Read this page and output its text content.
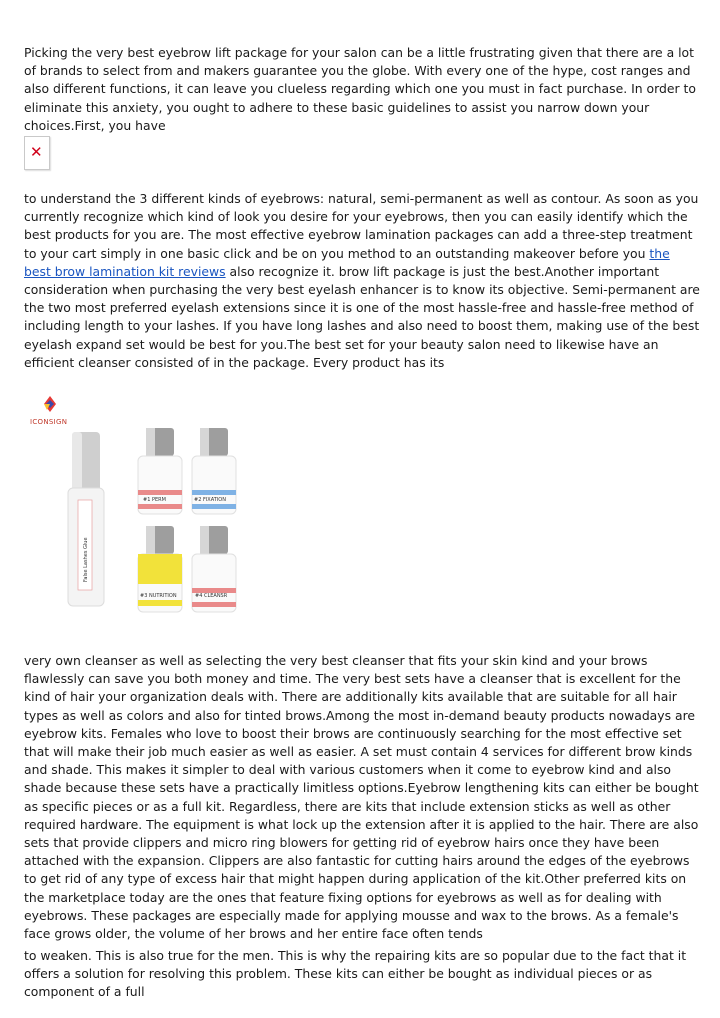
Picking the very best eyebrow lift package for your salon can be a little frustrating given that there are a lot of brands to select from and makers guarantee you the globe. With every one of the hype, cost ranges and also different functions, it can leave you clueless regarding which one you must in fact purchase. In order to eliminate this anxiety, you ought to adhere to these basic guidelines to assist you narrow down your choices.First, you have

✕

to understand the 3 different kinds of eyebrows: natural, semi-permanent as well as contour. As soon as you currently recognize which kind of look you desire for your eyebrows, then you can easily identify which the best products for you are. The most effective eyebrow lamination packages can add a three-step treatment to your cart simply in one basic click and be on you method to an outstanding makeover before you the best brow lamination kit reviews also recognize it. brow lift package is just the best.Another important consideration when purchasing the very best eyelash enhancer is to know its objective. Semi-permanent are the two most preferred eyelash extensions since it is one of the most hassle-free and hassle-free method of including length to your lashes. If you have long lashes and also need to boost them, making use of the best eyelash expand set would be best for you.The best set for your beauty salon need to likewise have an efficient cleanser consisted of in the package. Every product has its

#1 PERM	#2 FIXATION
#3 NUTRITION	#4 CLEANSR
False Lashes Glue
ICONSIGN

very own cleanser as well as selecting the very best cleanser that fits your skin kind and your brows flawlessly can save you both money and time. The very best sets have a cleanser that is excellent for the kind of hair your organization deals with. There are additionally kits available that are suitable for all hair types as well as colors and also for tinted brows.Among the most in-demand beauty products nowadays are eyebrow kits. Females who love to boost their brows are continuously searching for the most effective set that will make their job much easier as well as easier. A set must contain 4 services for different brow kinds and shade. This makes it simpler to deal with various customers when it come to eyebrow kind and also shade because these sets have a practically limitless options.Eyebrow lengthening kits can either be bought as specific pieces or as a full kit. Regardless, there are kits that include extension sticks as well as other required hardware. The equipment is what lock up the extension after it is applied to the hair. There are also sets that provide clippers and micro ring blowers for getting rid of eyebrow hairs once they have been attached with the expansion. Clippers are also fantastic for cutting hairs around the edges of the eyebrows to get rid of any type of excess hair that might happen during application of the kit.Other preferred kits on the marketplace today are the ones that feature fixing options for eyebrows as well as for dealing with eyebrows. These packages are especially made for applying mousse and wax to the brows. As a female's face grows older, the volume of her brows and her entire face often tends

to weaken. This is also true for the men. This is why the repairing kits are so popular due to the fact that it offers a solution for resolving this problem. These kits can either be bought as individual pieces or as component of a full
